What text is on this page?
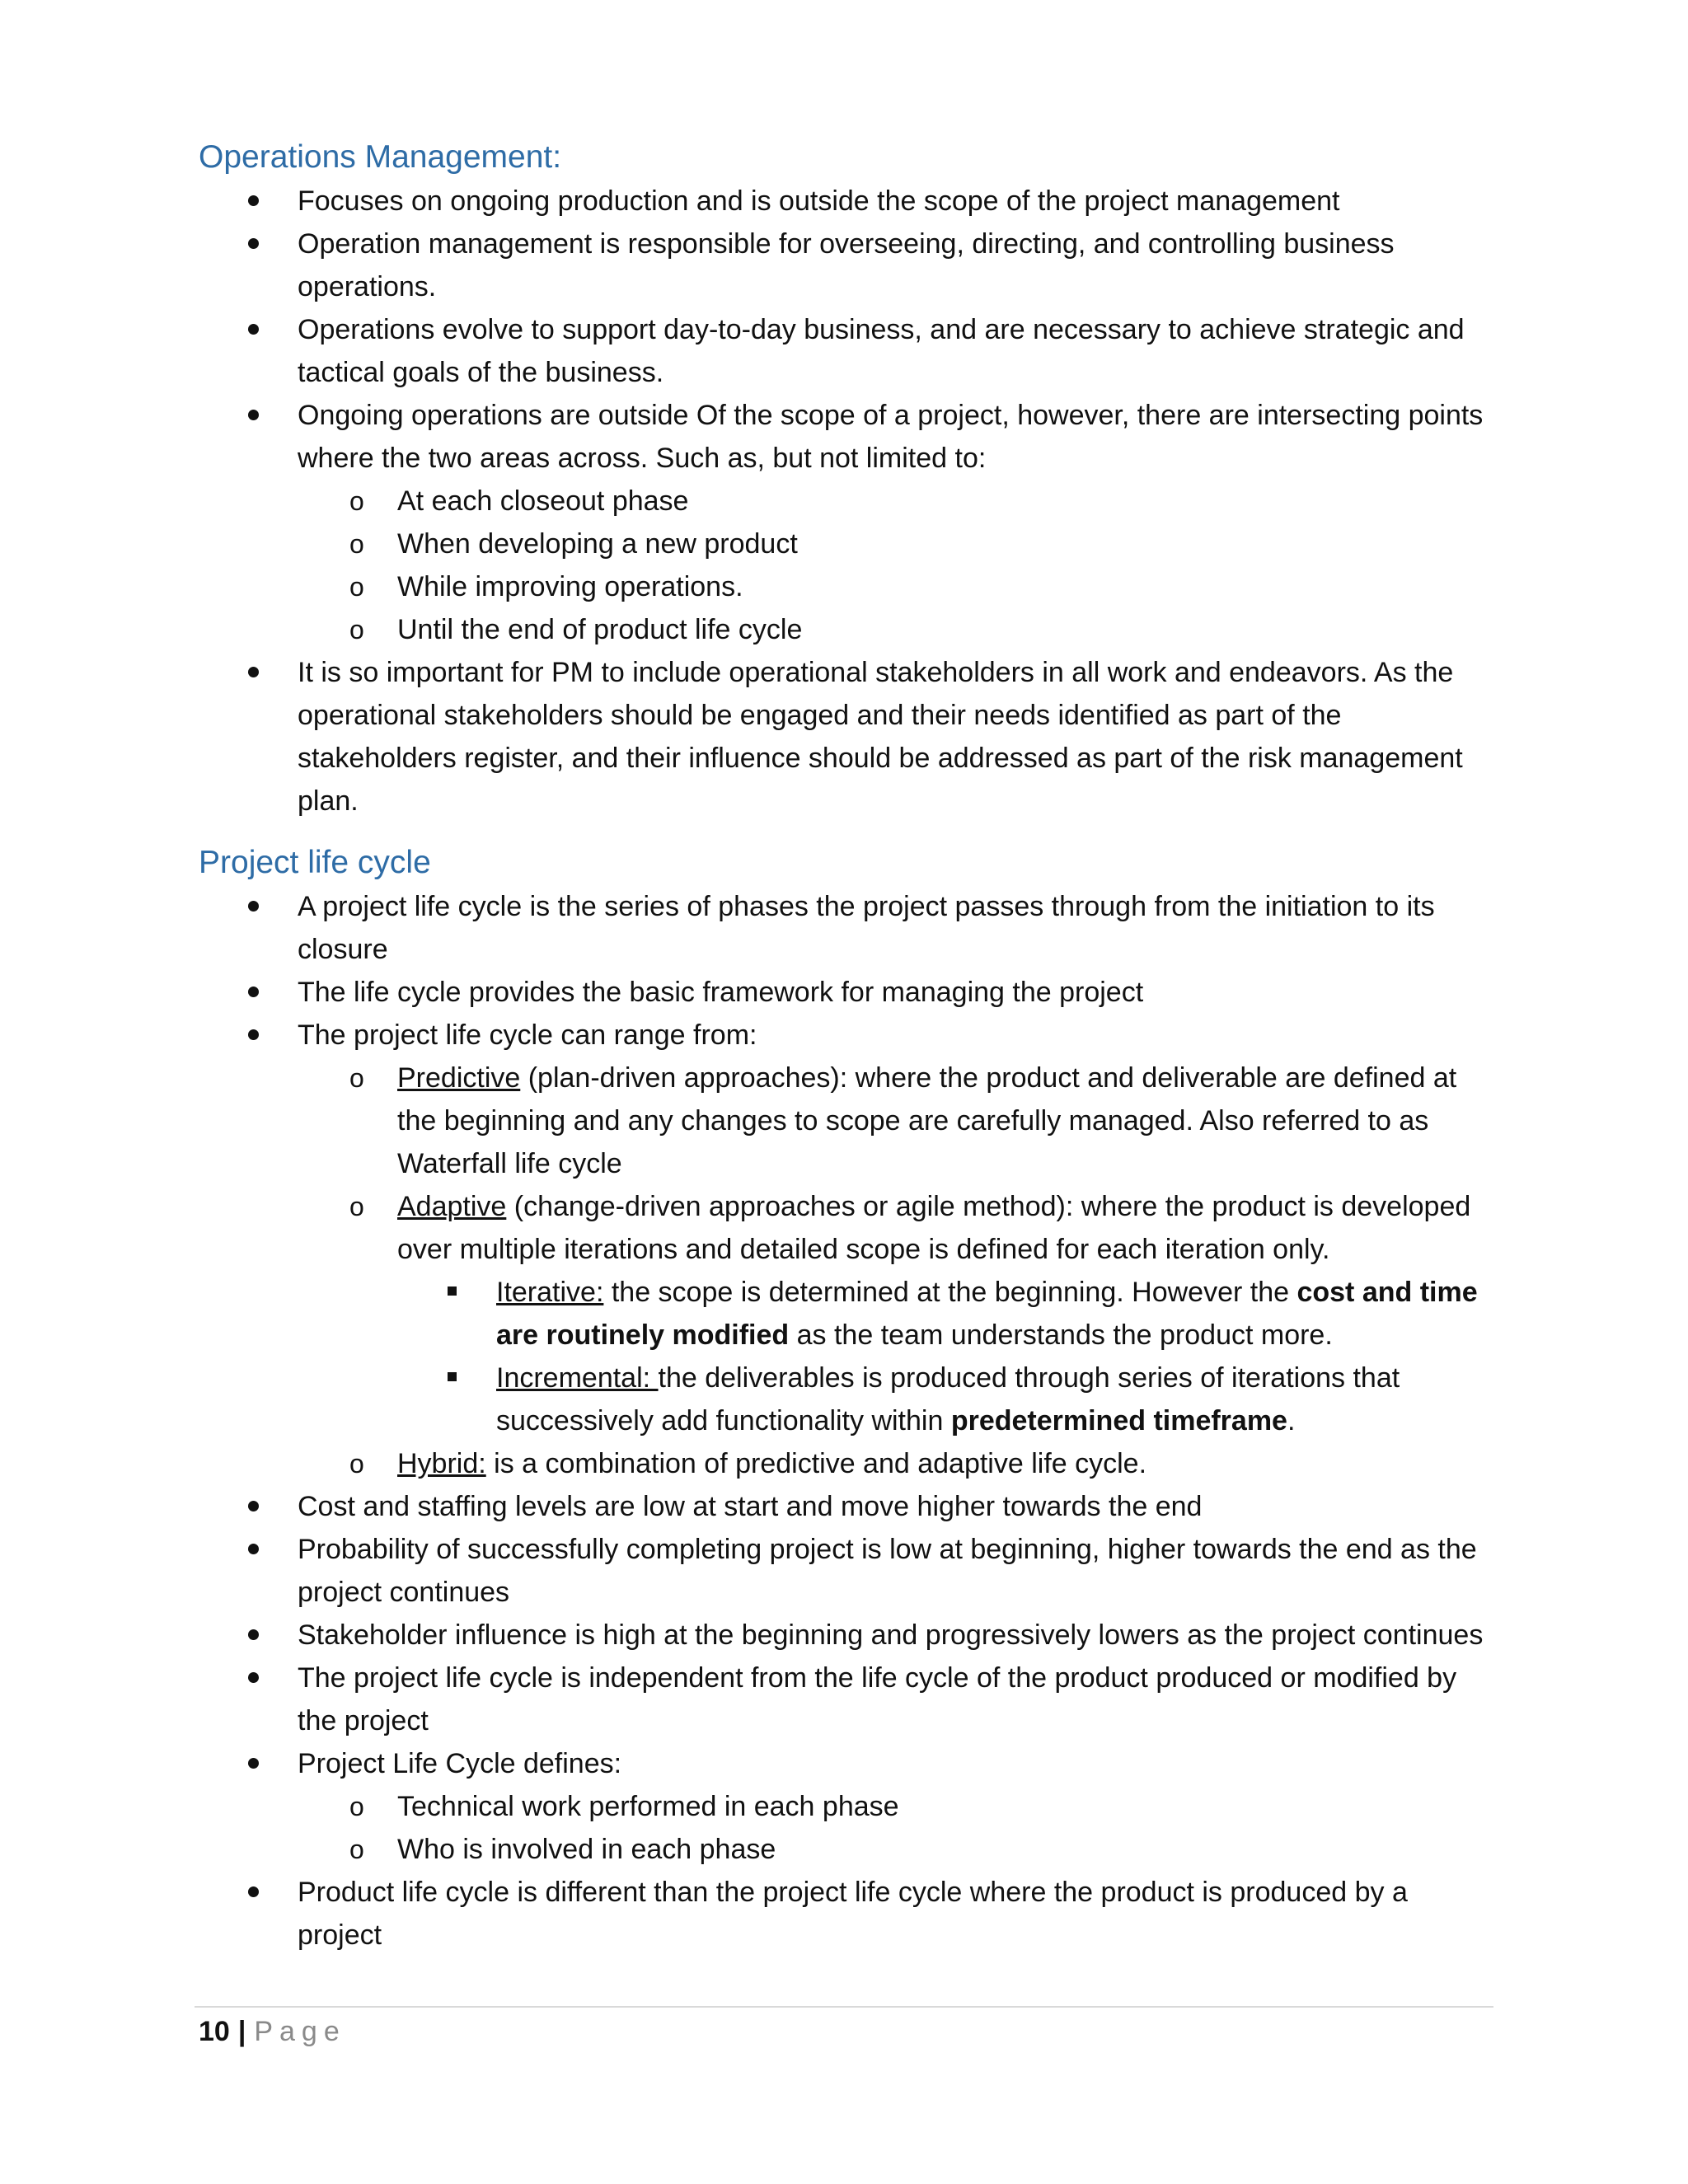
Operations Management:
Focuses on ongoing production and is outside the scope of the project management
Operation management is responsible for overseeing, directing, and controlling business operations.
Operations evolve to support day-to-day business, and are necessary to achieve strategic and tactical goals of the business.
Ongoing operations are outside Of the scope of a project, however, there are intersecting points where the two areas across. Such as, but not limited to:
o At each closeout phase
o When developing a new product
o While improving operations.
o Until the end of product life cycle
It is so important for PM to include operational stakeholders in all work and endeavors. As the operational stakeholders should be engaged and their needs identified as part of the stakeholders register, and their influence should be addressed as part of the risk management plan.
Project life cycle
A project life cycle is the series of phases the project passes through from the initiation to its closure
The life cycle provides the basic framework for managing the project
The project life cycle can range from:
o Predictive (plan-driven approaches): where the product and deliverable are defined at the beginning and any changes to scope are carefully managed. Also referred to as Waterfall life cycle
o Adaptive (change-driven approaches or agile method): where the product is developed over multiple iterations and detailed scope is defined for each iteration only.
Iterative: the scope is determined at the beginning. However the cost and time are routinely modified as the team understands the product more.
Incremental: the deliverables is produced through series of iterations that successively add functionality within predetermined timeframe.
o Hybrid: is a combination of predictive and adaptive life cycle.
Cost and staffing levels are low at start and move higher towards the end
Probability of successfully completing project is low at beginning, higher towards the end as the project continues
Stakeholder influence is high at the beginning and progressively lowers as the project continues
The project life cycle is independent from the life cycle of the product produced or modified by the project
Project Life Cycle defines:
o Technical work performed in each phase
o Who is involved in each phase
Product life cycle is different than the project life cycle where the product is produced by a project
10 | Page
